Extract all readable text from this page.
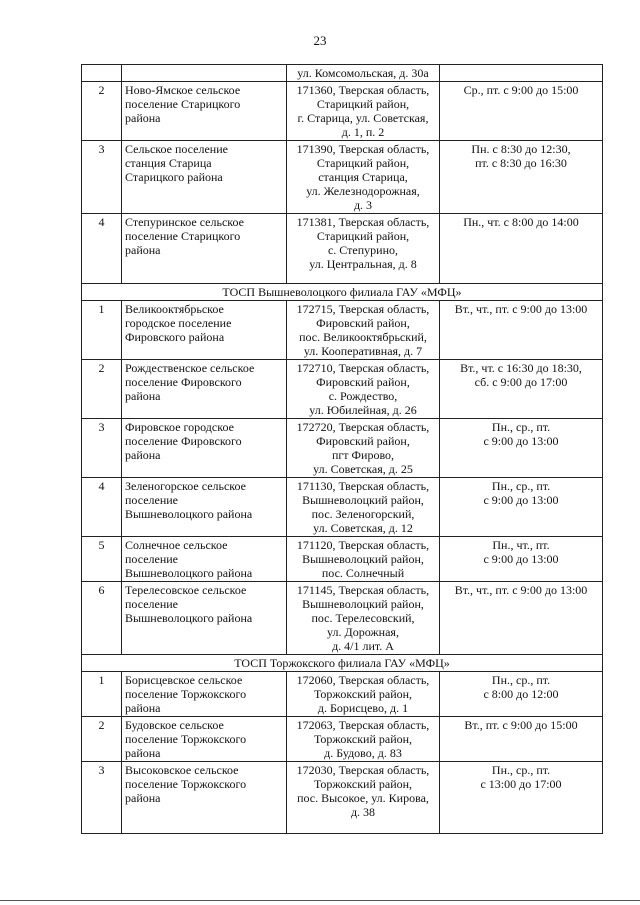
23

		ул. Комсомольская, д. 30а	

2	Ново-Ямское сельское
поселение Старицкого
района	171360, Тверская область,
Старицкий район,
г. Старица, ул. Советская,
д. 1, п. 2	Ср., пт. с 9:00 до 15:00

3	Сельское поселение
станция Старица
Старицкого района	171390, Тверская область,
Старицкий район,
станция Старица,
ул. Железнодорожная,
д. 3	Пн. с 8:30 до 12:30,
пт. с 8:30 до 16:30

4	Степуринское сельское
поселение Старицкого
района	171381, Тверская область,
Старицкий район,
с. Степурино,
ул. Центральная, д. 8	Пн., чт. с 8:00 до 14:00

ТОСП Вышневолоцкого филиала ГАУ «МФЦ»			
1	Великооктябрьское
городское поселение
Фировского района	172715, Тверская область,
Фировский район,
пос. Великооктябрьский,
ул. Кооперативная, д. 7	Вт., чт., пт. с 9:00 до 13:00

2	Рождественское сельское
поселение Фировского
района	172710, Тверская область,
Фировский район,
с. Рождество,
ул. Юбилейная, д. 26	Вт., чт. с 16:30 до 18:30,
сб. с 9:00 до 17:00

3	Фировское городское
поселение Фировского
района	172720, Тверская область,
Фировский район,
пгт Фирово,
ул. Советская, д. 25	Пн., ср., пт.
с 9:00 до 13:00

4	Зеленогорское сельское
поселение
Вышневолоцкого района	171130, Тверская область,
Вышневолоцкий район,
пос. Зеленогорский,
ул. Советская, д. 12	Пн., ср., пт.
с 9:00 до 13:00

5	Солнечное сельское
поселение
Вышневолоцкого района	171120, Тверская область,
Вышневолоцкий район,
пос. Солнечный	Пн., чт., пт.
с 9:00 до 13:00

6	Терелесовское сельское
поселение
Вышневолоцкого района	171145, Тверская область,
Вышневолоцкий район,
пос. Терелесовский,
ул. Дорожная,
д. 4/1 лит. А	Вт., чт., пт. с 9:00 до 13:00

ТОСП Торжокского филиала ГАУ «МФЦ»			
1	Борисцевское сельское
поселение Торжокского
района	172060, Тверская область,
Торжокский район,
д. Борисцево, д. 1	Пн., ср., пт.
с 8:00 до 12:00

2	Будовское сельское
поселение Торжокского
района	172063, Тверская область,
Торжокский район,
д. Будово, д. 83	Вт., пт. с 9:00 до 15:00

3	Высоковское сельское
поселение Торжокского
района	172030, Тверская область,
Торжокский район,
пос. Высокое, ул. Кирова,
д. 38	Пн., ср., пт.
с 13:00 до 17:00
